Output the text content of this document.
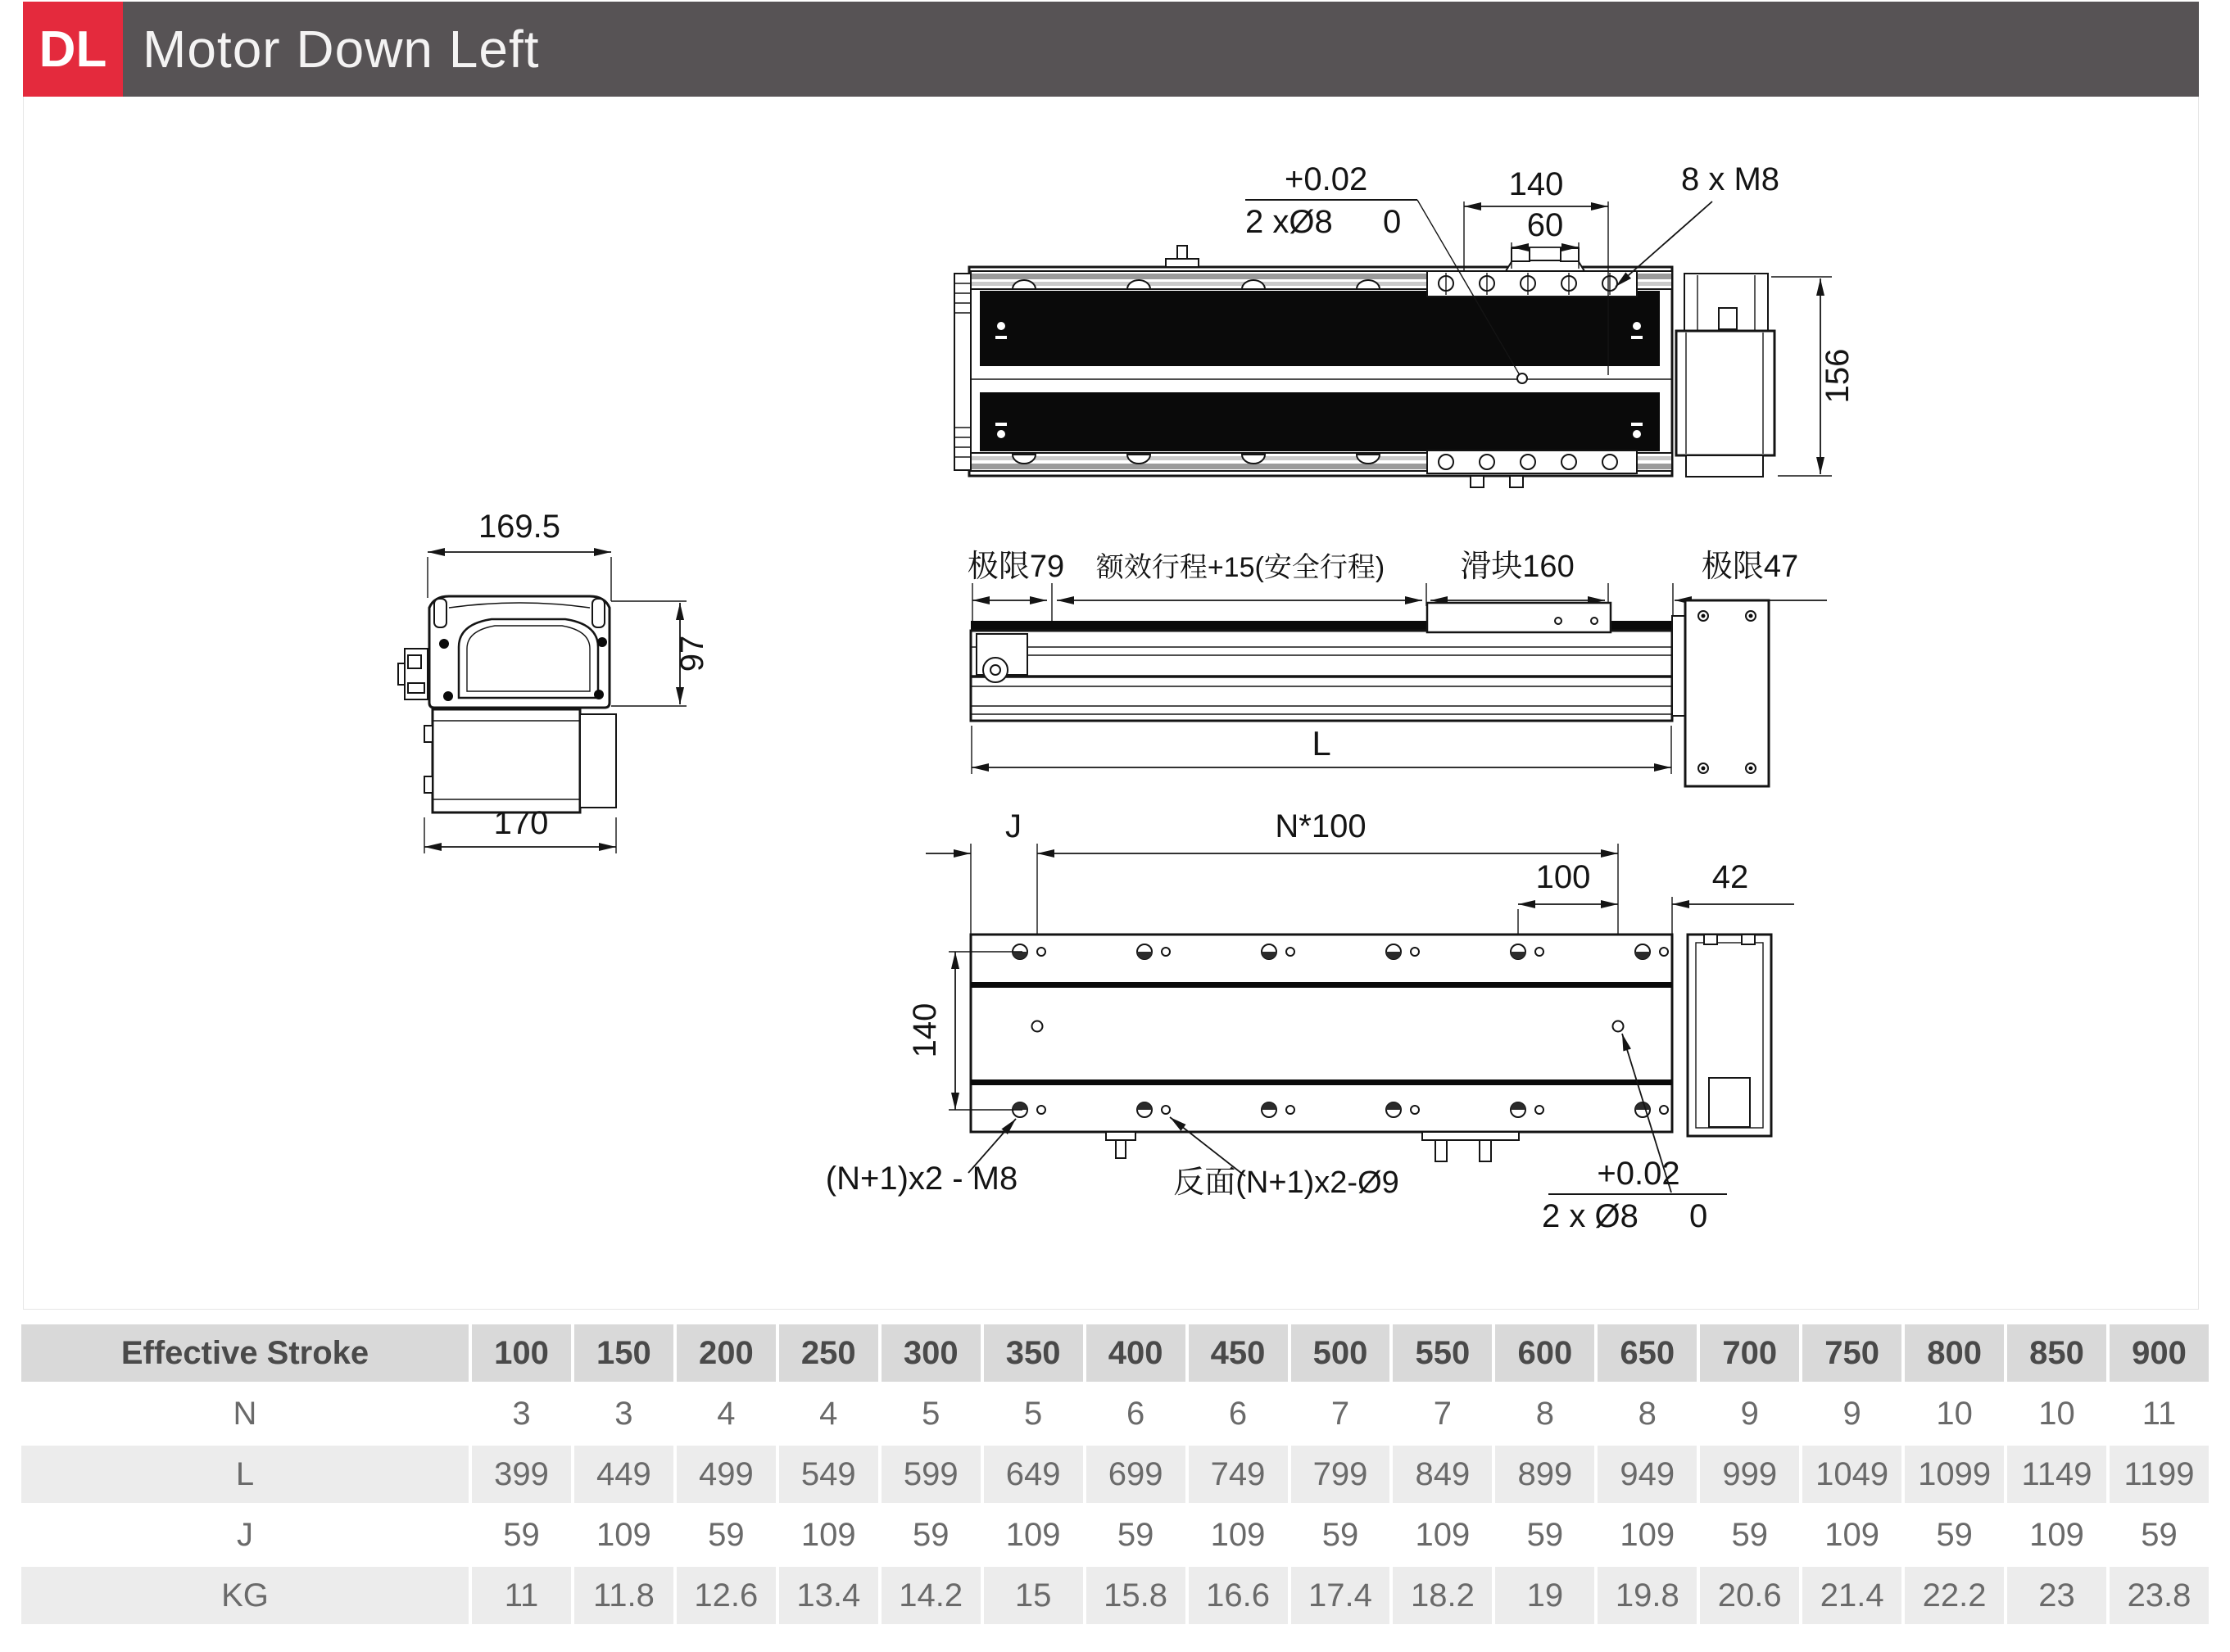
DL Motor Down Left
140
60
+0.02
2 xØ8 0
8 x M8
156
169.5
97
170
极限79 额效行程+15(安全行程) 滑块160	极限47
L
J	N*100
100	42
140
(N+1)x2 - M8	反面(N+1)x2-Ø9	+0.02
2 x Ø8 0
Effective Stroke	100	150	200	250	300	350	400	450	500	550	600	650	700	750	800	850	900
N	3	3	4	4	5	5	6	6	7	7	8	8	9	9	10	10	11
L	399	449	499	549	599	649	699	749	799	849	899	949	999	1049	1099	1149	1199
J	59	109	59	109	59	109	59	109	59	109	59	109	59	109	59	109	59
KG	11	11.8	12.6	13.4	14.2	15	15.8	16.6	17.4	18.2	19	19.8	20.6	21.4	22.2	23	23.8
